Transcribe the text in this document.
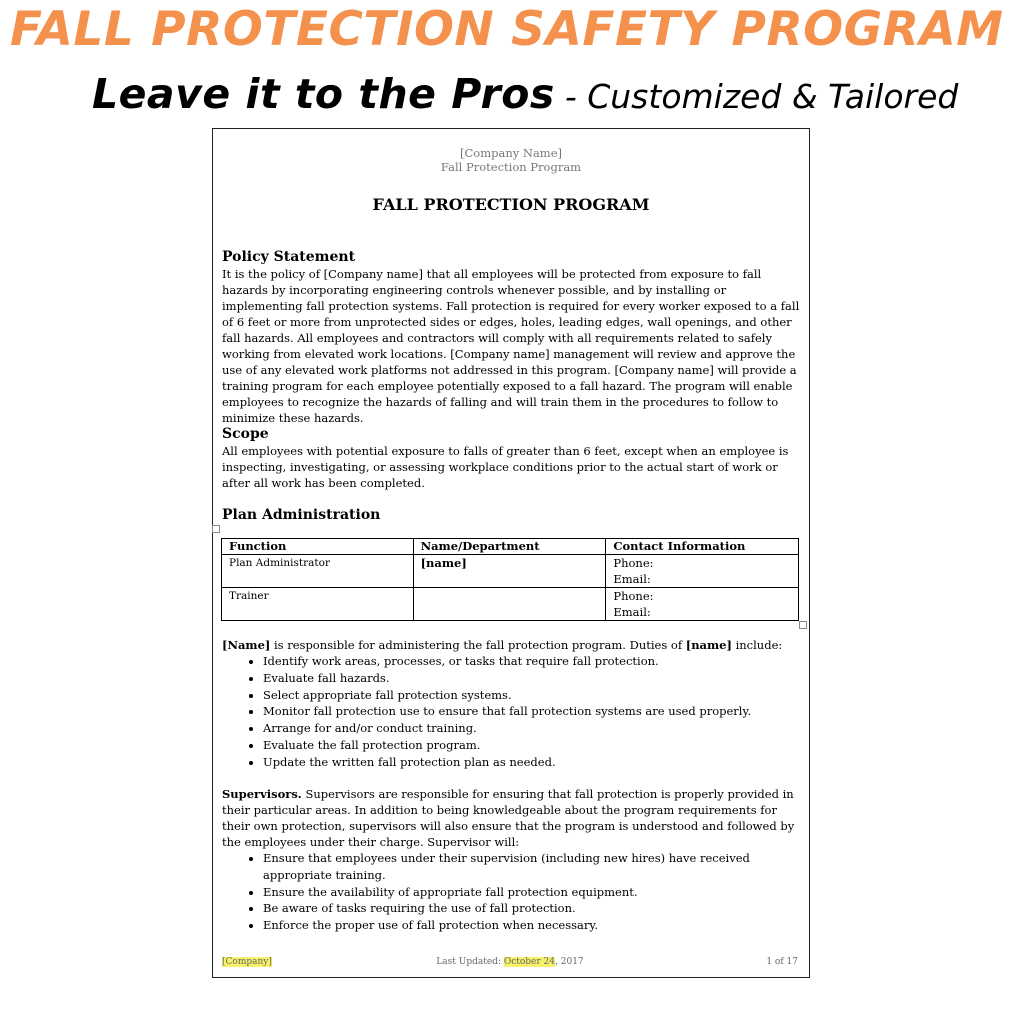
FALL PROTECTION SAFETY PROGRAM
Leave it to the Pros - Customized & Tailored
[Company Name]
Fall Protection Program
FALL PROTECTION PROGRAM
Policy Statement

It is the policy of [Company name] that all employees will be protected from exposure to fall hazards by incorporating engineering controls whenever possible, and by installing or implementing fall protection systems. Fall protection is required for every worker exposed to a fall of 6 feet or more from unprotected sides or edges, holes, leading edges, wall openings, and other fall hazards. All employees and contractors will comply with all requirements related to safely working from elevated work locations. [Company name] management will review and approve the use of any elevated work platforms not addressed in this program. [Company name] will provide a training program for each employee potentially exposed to a fall hazard. The program will enable employees to recognize the hazards of falling and will train them in the procedures to follow to minimize these hazards.

Scope

All employees with potential exposure to falls of greater than 6 feet, except when an employee is inspecting, investigating, or assessing workplace conditions prior to the actual start of work or after all work has been completed.

Plan Administration
Function	Name/Department	Contact Information
Plan Administrator	[name]	Phone:
Email:

Trainer		Phone:
Email:

[Name] is responsible for administering the fall protection program. Duties of [name] include:

• Identify work areas, processes, or tasks that require fall protection.
• Evaluate fall hazards.
• Select appropriate fall protection systems.
• Monitor fall protection use to ensure that fall protection systems are used properly.
• Arrange for and/or conduct training.
• Evaluate the fall protection program.
• Update the written fall protection plan as needed.

Supervisors. Supervisors are responsible for ensuring that fall protection is properly provided in their particular areas. In addition to being knowledgeable about the program requirements for their own protection, supervisors will also ensure that the program is understood and followed by the employees under their charge. Supervisor will:

• Ensure that employees under their supervision (including new hires) have received appropriate training.
• Ensure the availability of appropriate fall protection equipment.
• Be aware of tasks requiring the use of fall protection.
• Enforce the proper use of fall protection when necessary.
[Company]	Last Updated: October 24, 2017	1 of 17
